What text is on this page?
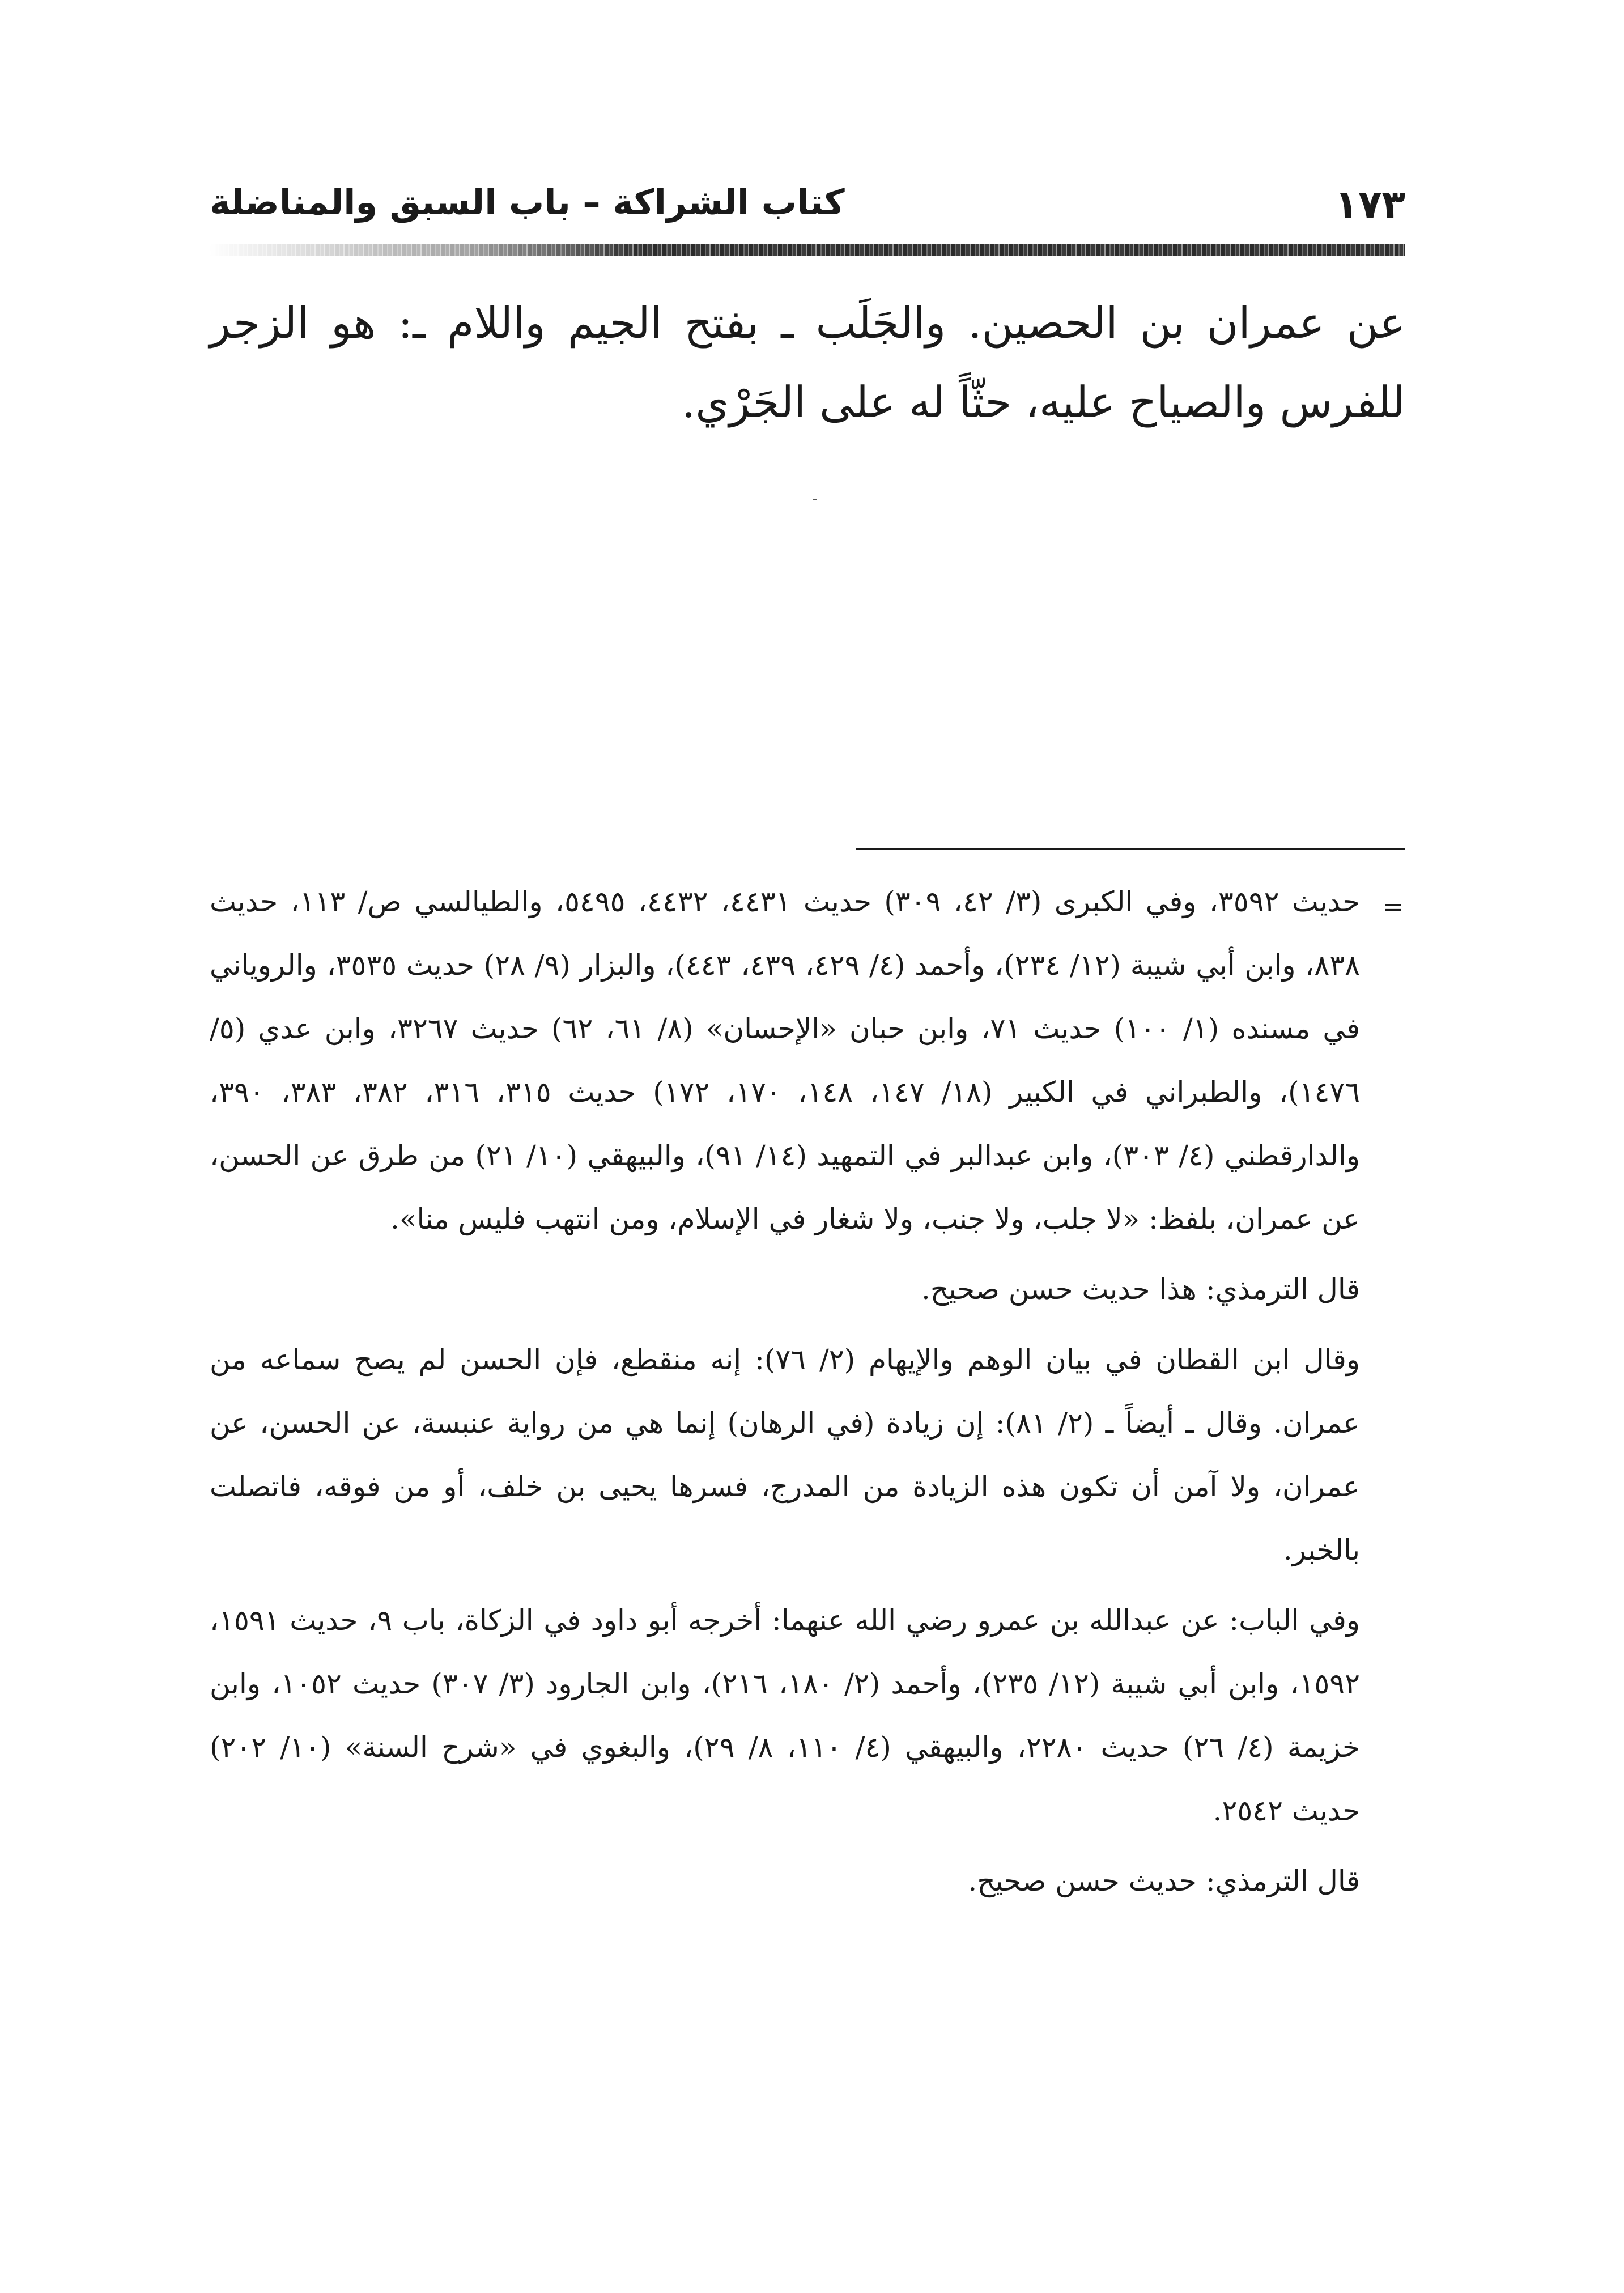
١٧٣
كتاب الشراكة – باب السبق والمناضلة

عن عمران بن الحصين. والجَلَب ـ بفتح الجيم واللام ـ: هو الزجر للفرس والصياح عليه، حثّاً له على الجَرْي.

=

حديث ٣٥٩٢، وفي الكبرى (٣/ ٤٢، ٣٠٩) حديث ٤٤٣١، ٤٤٣٢، ٥٤٩٥، والطيالسي ص/ ١١٣، حديث ٨٣٨، وابن أبي شيبة (١٢/ ٢٣٤)، وأحمد (٤/ ٤٢٩، ٤٣٩، ٤٤٣)، والبزار (٩/ ٢٨) حديث ٣٥٣٥، والروياني في مسنده (١/ ١٠٠) حديث ٧١، وابن حبان «الإحسان» (٨/ ٦١، ٦٢) حديث ٣٢٦٧، وابن عدي (٥/ ١٤٧٦)، والطبراني في الكبير (١٨/ ١٤٧، ١٤٨، ١٧٠، ١٧٢) حديث ٣١٥، ٣١٦، ٣٨٢، ٣٨٣، ٣٩٠، والدارقطني (٤/ ٣٠٣)، وابن عبدالبر في التمهيد (١٤/ ٩١)، والبيهقي (١٠/ ٢١) من طرق عن الحسن، عن عمران، بلفظ: «لا جلب، ولا جنب، ولا شغار في الإسلام، ومن انتهب فليس منا».

قال الترمذي: هذا حديث حسن صحيح.

وقال ابن القطان في بيان الوهم والإيهام (٢/ ٧٦): إنه منقطع، فإن الحسن لم يصح سماعه من عمران. وقال ـ أيضاً ـ (٢/ ٨١): إن زيادة (في الرهان) إنما هي من رواية عنبسة، عن الحسن، عن عمران، ولا آمن أن تكون هذه الزيادة من المدرج، فسرها يحيى بن خلف، أو من فوقه، فاتصلت بالخبر.

وفي الباب: عن عبدالله بن عمرو رضي الله عنهما: أخرجه أبو داود في الزكاة، باب ٩، حديث ١٥٩١، ١٥٩٢، وابن أبي شيبة (١٢/ ٢٣٥)، وأحمد (٢/ ١٨٠، ٢١٦)، وابن الجارود (٣/ ٣٠٧) حديث ١٠٥٢، وابن خزيمة (٤/ ٢٦) حديث ٢٢٨٠، والبيهقي (٤/ ١١٠، ٨/ ٢٩)، والبغوي في «شرح السنة» (١٠/ ٢٠٢) حديث ٢٥٤٢.

قال الترمذي: حديث حسن صحيح.
